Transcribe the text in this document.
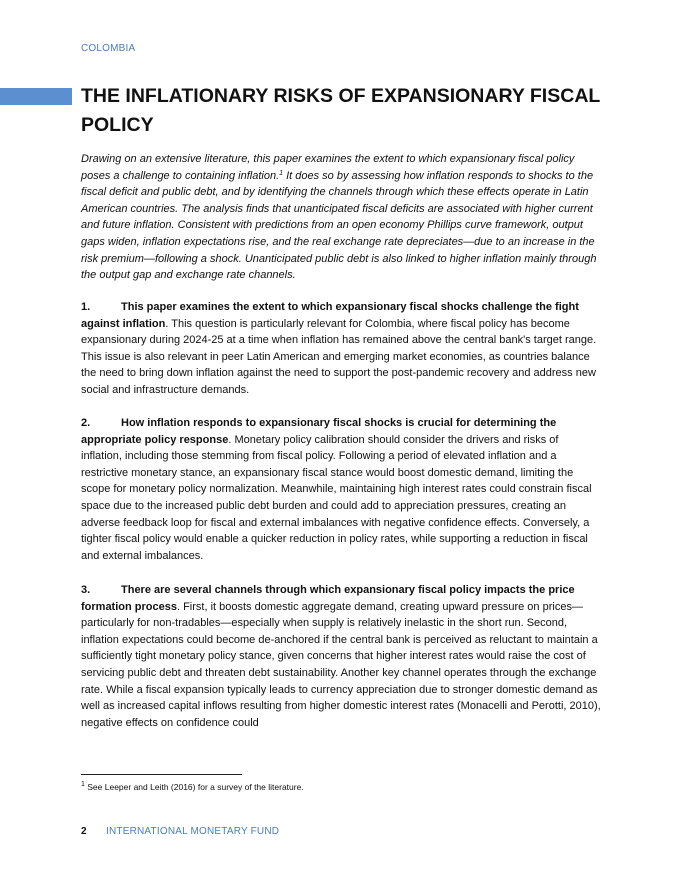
COLOMBIA
THE INFLATIONARY RISKS OF EXPANSIONARY FISCAL POLICY

Drawing on an extensive literature, this paper examines the extent to which expansionary fiscal policy poses a challenge to containing inflation.$^1$ It does so by assessing how inflation responds to shocks to the fiscal deficit and public debt, and by identifying the channels through which these effects operate in Latin American countries. The analysis finds that unanticipated fiscal deficits are associated with higher current and future inflation. Consistent with predictions from an open economy Phillips curve framework, output gaps widen, inflation expectations rise, and the real exchange rate depreciates—due to an increase in the risk premium—following a shock. Unanticipated public debt is also linked to higher inflation mainly through the output gap and exchange rate channels.

1.	This paper examines the extent to which expansionary fiscal shocks challenge the fight against inflation. This question is particularly relevant for Colombia, where fiscal policy has become expansionary during 2024-25 at a time when inflation has remained above the central bank's target range. This issue is also relevant in peer Latin American and emerging market economies, as countries balance the need to bring down inflation against the need to support the post-pandemic recovery and address new social and infrastructure demands.

2.	How inflation responds to expansionary fiscal shocks is crucial for determining the appropriate policy response. Monetary policy calibration should consider the drivers and risks of inflation, including those stemming from fiscal policy. Following a period of elevated inflation and a restrictive monetary stance, an expansionary fiscal stance would boost domestic demand, limiting the scope for monetary policy normalization. Meanwhile, maintaining high interest rates could constrain fiscal space due to the increased public debt burden and could add to appreciation pressures, creating an adverse feedback loop for fiscal and external imbalances with negative confidence effects. Conversely, a tighter fiscal policy would enable a quicker reduction in policy rates, while supporting a reduction in fiscal and external imbalances.

3.	There are several channels through which expansionary fiscal policy impacts the price formation process. First, it boosts domestic aggregate demand, creating upward pressure on prices—particularly for non-tradables—especially when supply is relatively inelastic in the short run. Second, inflation expectations could become de-anchored if the central bank is perceived as reluctant to maintain a sufficiently tight monetary policy stance, given concerns that higher interest rates would raise the cost of servicing public debt and threaten debt sustainability. Another key channel operates through the exchange rate. While a fiscal expansion typically leads to currency appreciation due to stronger domestic demand as well as increased capital inflows resulting from higher domestic interest rates (Monacelli and Perotti, 2010), negative effects on confidence could

$^1$ See Leeper and Leith (2016) for a survey of the literature.

2 INTERNATIONAL MONETARY FUND
